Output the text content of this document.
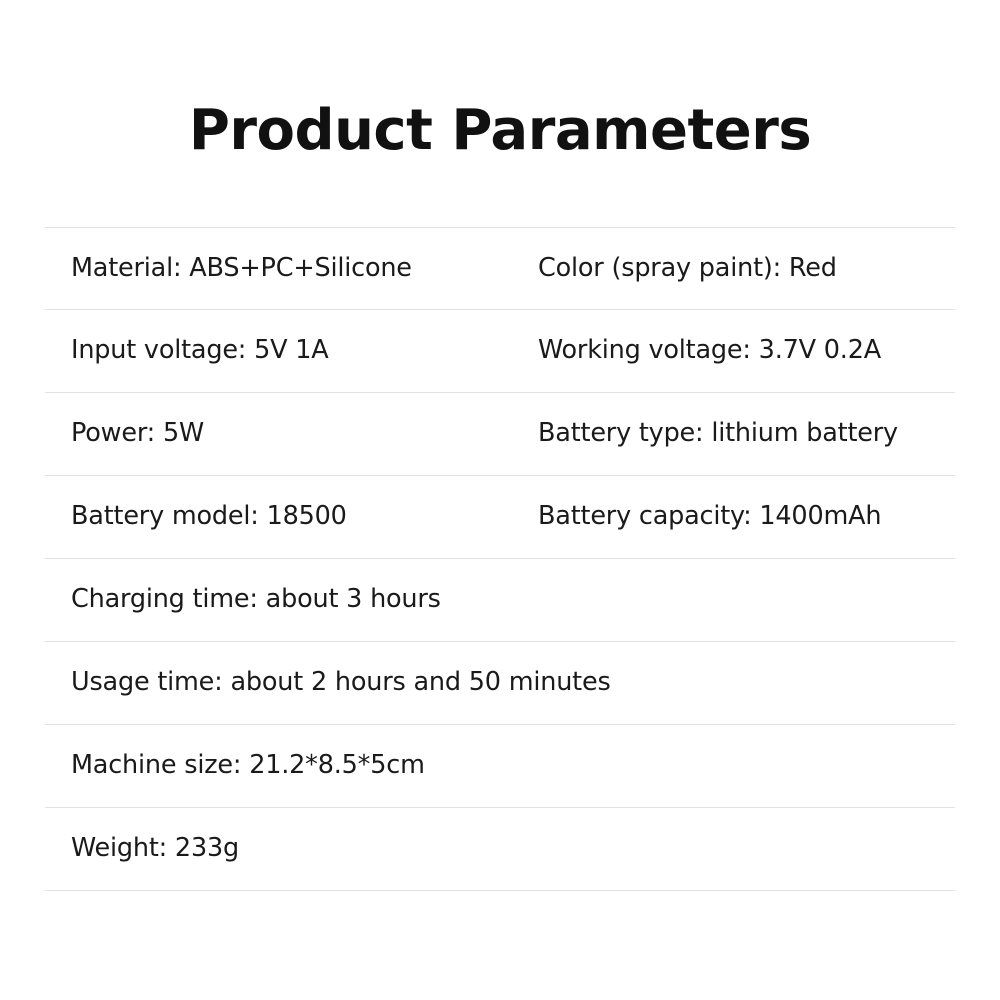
Product Parameters
Material: ABS+PC+Silicone	Color (spray paint): Red
Input voltage: 5V 1A	Working voltage: 3.7V 0.2A
Power: 5W	Battery type: lithium battery
Battery model: 18500	Battery capacity: 1400mAh
Charging time: about 3 hours
Usage time: about 2 hours and 50 minutes
Machine size: 21.2*8.5*5cm
Weight: 233g
